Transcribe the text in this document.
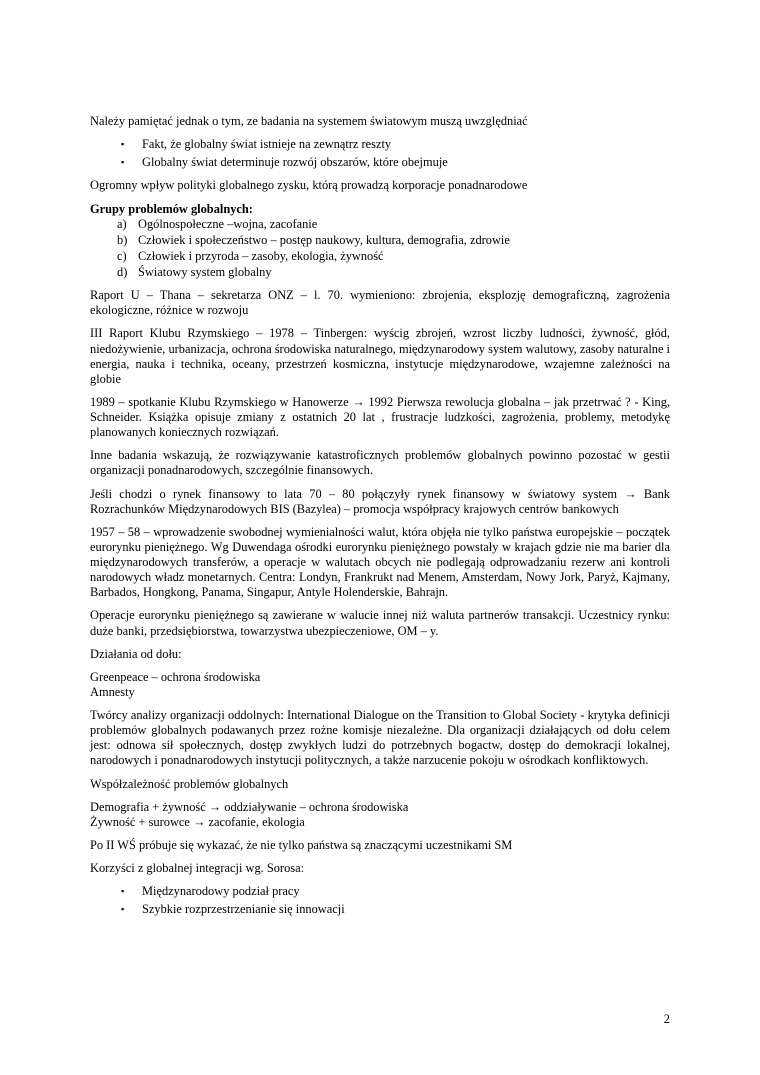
Należy pamiętać jednak o tym, ze badania na systemem światowym muszą uwzględniać

▪	Fakt, że globalny świat istnieje na zewnątrz reszty
▪	Globalny świat determinuje rozwój obszarów, które obejmuje

Ogromny wpływ polityki globalnego zysku, którą prowadzą korporacje ponadnarodowe

Grupy problemów globalnych:

a) Ogólnospołeczne –wojna, zacofanie
b) Człowiek i społeczeństwo – postęp naukowy, kultura, demografia, zdrowie
c) Człowiek i przyroda – zasoby, ekologia, żywność
d) Światowy system globalny

Raport U – Thana – sekretarza ONZ – l. 70. wymieniono: zbrojenia, eksplozję demograficzną, zagrożenia ekologiczne, różnice w rozwoju

III Raport Klubu Rzymskiego – 1978 – Tinbergen: wyścig zbrojeń, wzrost liczby ludności, żywność, głód, niedożywienie, urbanizacja, ochrona środowiska naturalnego, międzynarodowy system walutowy, zasoby naturalne i energia, nauka i technika, oceany, przestrzeń kosmiczna, instytucje międzynarodowe, wzajemne zależności na globie

1989 – spotkanie Klubu Rzymskiego w Hanowerze → 1992 Pierwsza rewolucja globalna – jak przetrwać ? - King, Schneider. Książka opisuje zmiany z ostatnich 20 lat , frustracje ludzkości, zagrożenia, problemy, metodykę planowanych koniecznych rozwiązań.

Inne badania wskazują, że rozwiązywanie katastroficznych problemów globalnych powinno pozostać w gestii organizacji ponadnarodowych, szczególnie finansowych.

Jeśli chodzi o rynek finansowy to lata 70 – 80 połączyły rynek finansowy w światowy system → Bank Rozrachunków Międzynarodowych BIS (Bazylea) – promocja współpracy krajowych centrów bankowych

1957 – 58 – wprowadzenie swobodnej wymienialności walut, która objęła nie tylko państwa europejskie – początek eurorynku pieniężnego. Wg Duwendaga ośrodki eurorynku pieniężnego powstały w krajach gdzie nie ma barier dla międzynarodowych transferów, a operacje w walutach obcych nie podlegają odprowadzaniu rezerw ani kontroli narodowych władz monetarnych. Centra: Londyn, Frankrukt nad Menem, Amsterdam, Nowy Jork, Paryż, Kajmany, Barbados, Hongkong, Panama, Singapur, Antyle Holenderskie, Bahrajn.

Operacje eurorynku pieniężnego są zawierane w walucie innej niż waluta partnerów transakcji. Uczestnicy rynku: duże banki, przedsiębiorstwa, towarzystwa ubezpieczeniowe, OM – y.

Działania od dołu:

Greenpeace – ochrona środowiska

Amnesty

Twórcy analizy organizacji oddolnych: International Dialogue on the Transition to Global Society - krytyka definicji problemów globalnych podawanych przez rożne komisje niezależne. Dla organizacji działających od dołu celem jest: odnowa sił społecznych, dostęp zwykłych ludzi do potrzebnych bogactw, dostęp do demokracji lokalnej, narodowych i ponadnarodowych instytucji politycznych, a także narzucenie pokoju w ośrodkach konfliktowych.

Współzależność problemów globalnych

Demografia + żywność → oddziaływanie – ochrona środowiska

Żywność + surowce → zacofanie, ekologia

Po II WŚ próbuje się wykazać, że nie tylko państwa są znaczącymi uczestnikami SM

Korzyści z globalnej integracji wg. Sorosa:

▪	Międzynarodowy podział pracy
▪	Szybkie rozprzestrzenianie się innowacji
2
